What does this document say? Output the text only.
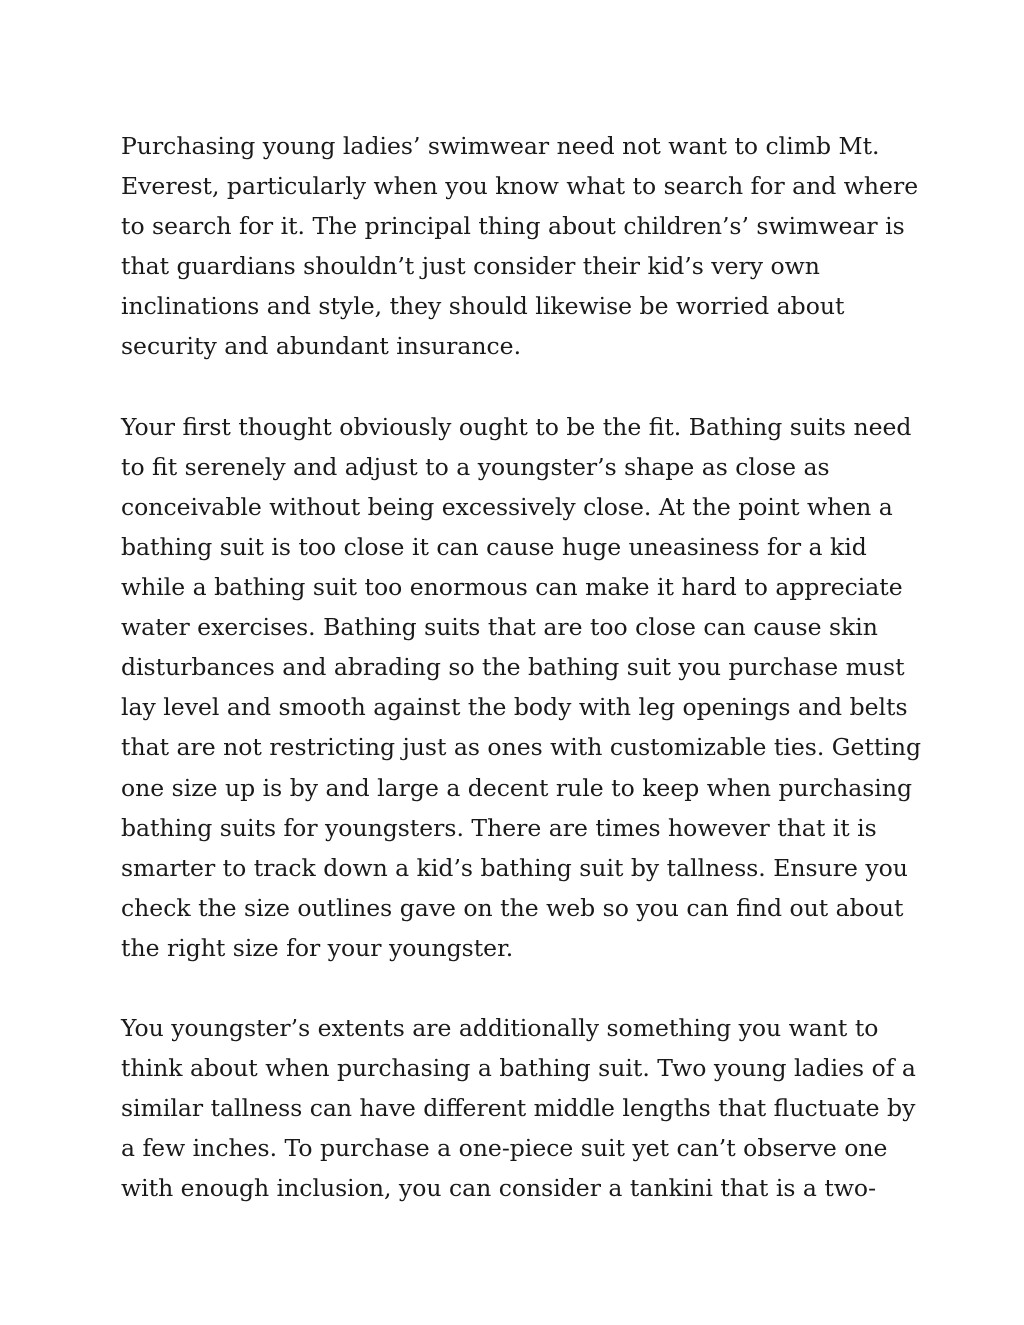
Purchasing young ladies’ swimwear need not want to climb Mt.
Everest, particularly when you know what to search for and where
to search for it. The principal thing about children’s’ swimwear is
that guardians shouldn’t just consider their kid’s very own
inclinations and style, they should likewise be worried about
security and abundant insurance.

Your first thought obviously ought to be the fit. Bathing suits need
to fit serenely and adjust to a youngster’s shape as close as
conceivable without being excessively close. At the point when a
bathing suit is too close it can cause huge uneasiness for a kid
while a bathing suit too enormous can make it hard to appreciate
water exercises. Bathing suits that are too close can cause skin
disturbances and abrading so the bathing suit you purchase must
lay level and smooth against the body with leg openings and belts
that are not restricting just as ones with customizable ties. Getting
one size up is by and large a decent rule to keep when purchasing
bathing suits for youngsters. There are times however that it is
smarter to track down a kid’s bathing suit by tallness. Ensure you
check the size outlines gave on the web so you can find out about
the right size for your youngster.

You youngster’s extents are additionally something you want to
think about when purchasing a bathing suit. Two young ladies of a
similar tallness can have different middle lengths that fluctuate by
a few inches. To purchase a one-piece suit yet can’t observe one
with enough inclusion, you can consider a tankini that is a two-
